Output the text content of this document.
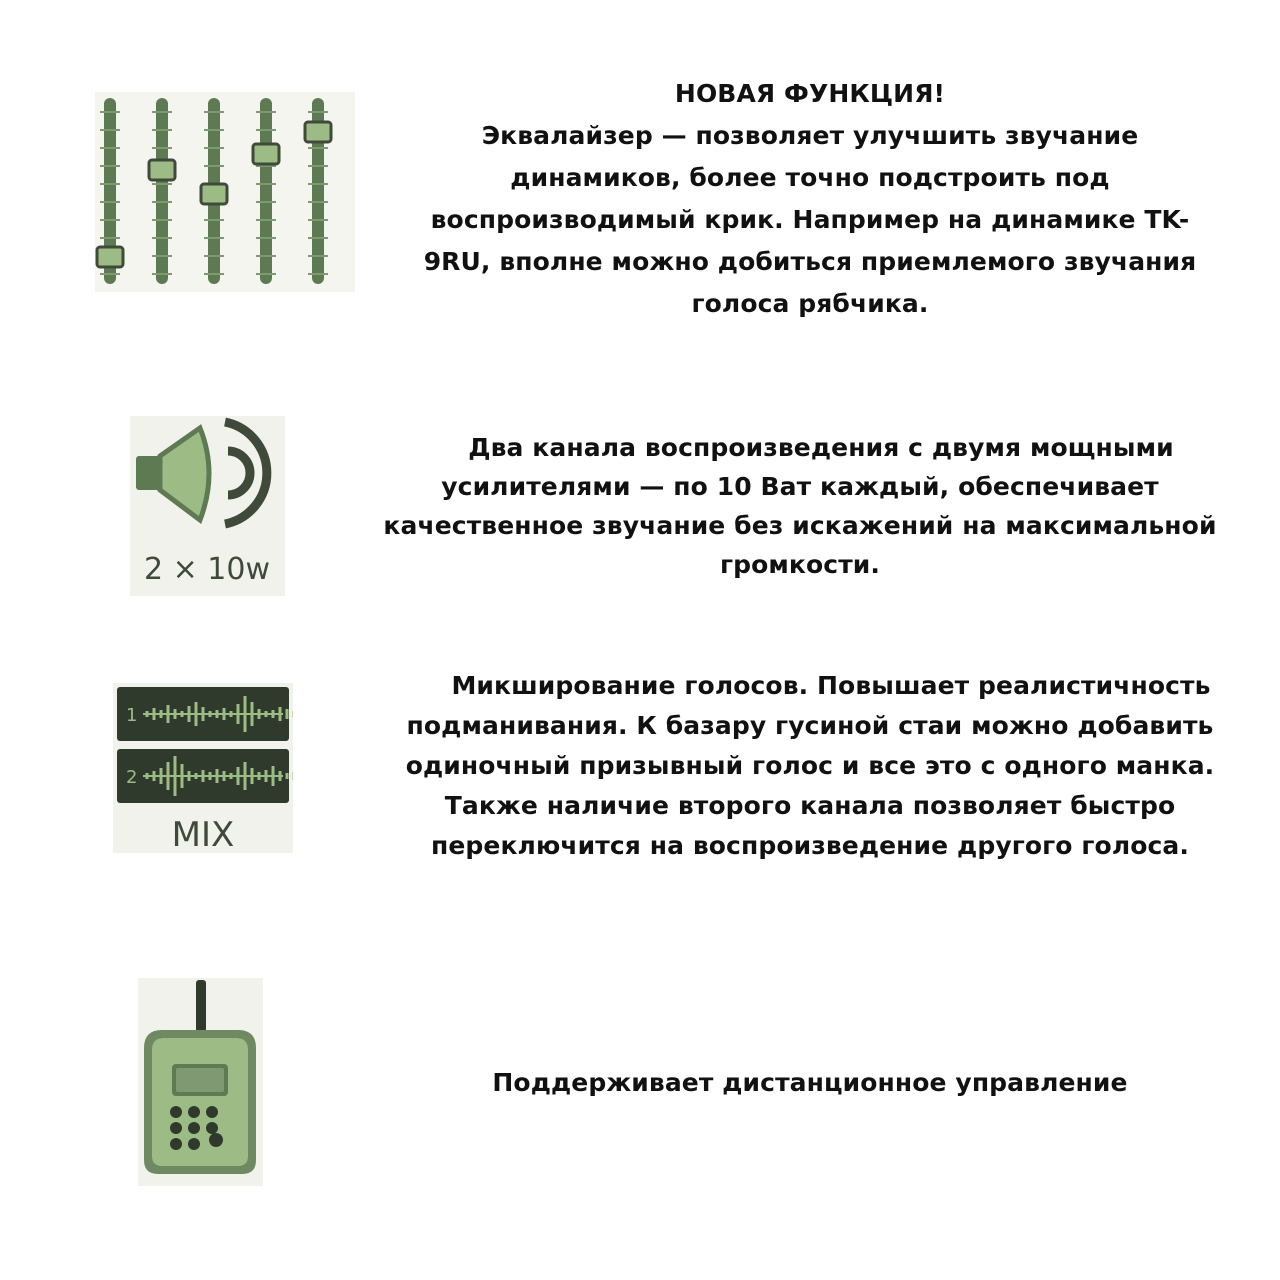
НОВАЯ ФУНКЦИЯ!

Эквалайзер — позволяет улучшить звучание динамиков, более точно подстроить под воспроизводимый крик. Например на динамике TK-9RU, вполне можно добиться приемлемого звучания голоса рябчика.

2 × 10w

Два канала воспроизведения с двумя мощными усилителями — по 10 Ват каждый, обеспечивает качественное звучание без искажений на максимальной громкости.

1
2
MIX

Микширование голосов. Повышает реалистичность подманивания. К базару гусиной стаи можно добавить одиночный призывный голос и все это с одного манка. Также наличие второго канала позволяет быстро переключится на воспроизведение другого голоса.

Поддерживает дистанционное управление
